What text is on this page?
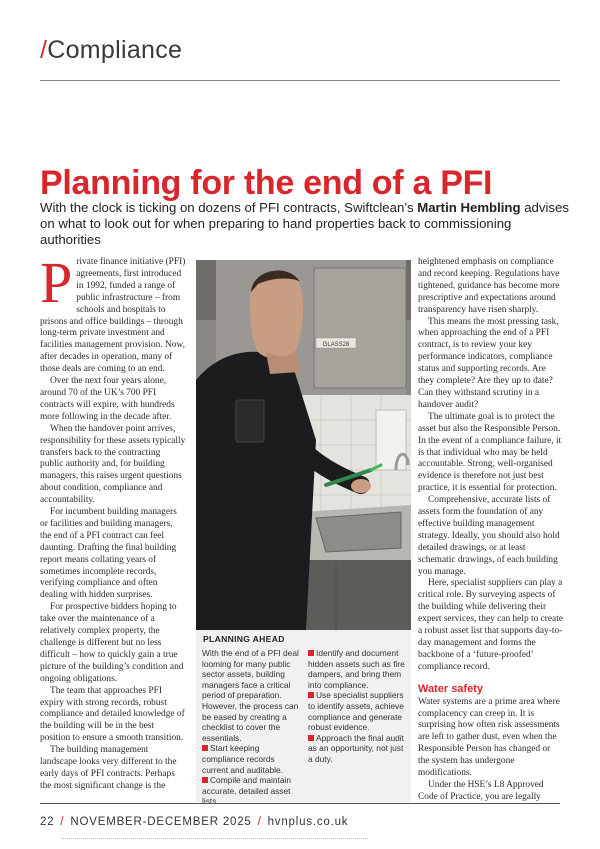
/Compliance
Planning for the end of a PFI

With the clock is ticking on dozens of PFI contracts, Swiftclean’s Martin Hembling advises on what to look out for when preparing to hand properties back to commissioning authorities

Private finance initiative (PFI) agreements, first introduced in 1992, funded a range of public infrastructure – from schools and hospitals to prisons and office buildings – through long-term private investment and facilities management provision. Now, after decades in operation, many of those deals are coming to an end.

Over the next four years alone, around 70 of the UK’s 700 PFI contracts will expire, with hundreds more following in the decade after.

When the handover point arrives, responsibility for these assets typically transfers back to the contracting public authority and, for building managers, this raises urgent questions about condition, compliance and accountability.

For incumbent building managers or facilities and building managers, the end of a PFI contract can feel daunting. Drafting the final building report means collating years of sometimes incomplete records, verifying compliance and often dealing with hidden surprises.

For prospective bidders hoping to take over the maintenance of a relatively complex property, the challenge is different but no less difficult – how to quickly gain a true picture of the building’s condition and ongoing obligations.

The team that approaches PFI expiry with strong records, robust compliance and detailed knowledge of the building will be in the best position to ensure a smooth transition.

The building management landscape looks very different to the early days of PFI contracts. Perhaps the most significant change is the

GLASS28
PLANNING AHEAD
With the end of a PFI deal looming for many public sector assets, building managers face a critical period of preparation. However, the process can be eased by creating a checklist to cover the essentials.
Start keeping compliance records current and auditable.
Compile and maintain accurate, detailed asset lists.
Identify and document hidden assets such as fire dampers, and bring them into compliance.
Use specialist suppliers to identify assets, achieve compliance and generate robust evidence.
Approach the final audit as an opportunity, not just a duty.

heightened emphasis on compliance and record keeping. Regulations have tightened, guidance has become more prescriptive and expectations around transparency have risen sharply.

This means the most pressing task, when approaching the end of a PFI contract, is to review your key performance indicators, compliance status and supporting records. Are they complete? Are they up to date? Can they withstand scrutiny in a handover audit?

The ultimate goal is to protect the asset but also the Responsible Person. In the event of a compliance failure, it is that individual who may be held accountable. Strong, well-organised evidence is therefore not just best practice, it is essential for protection.

Comprehensive, accurate lists of assets form the foundation of any effective building management strategy. Ideally, you should also hold detailed drawings, or at least schematic drawings, of each building you manage.

Here, specialist suppliers can play a critical role. By surveying aspects of the building while delivering their expert services, they can help to create a robust asset list that supports day-to-day management and forms the backbone of a ‘future-proofed’ compliance record.

Water safety

Water systems are a prime area where complacency can creep in. It is surprising how often risk assessments are left to gather dust, even when the Responsible Person has changed or the system has undergone modifications.

Under the HSE’s L8 Approved Code of Practice, you are legally

22 / NOVEMBER-DECEMBER 2025 / hvnplus.co.uk
